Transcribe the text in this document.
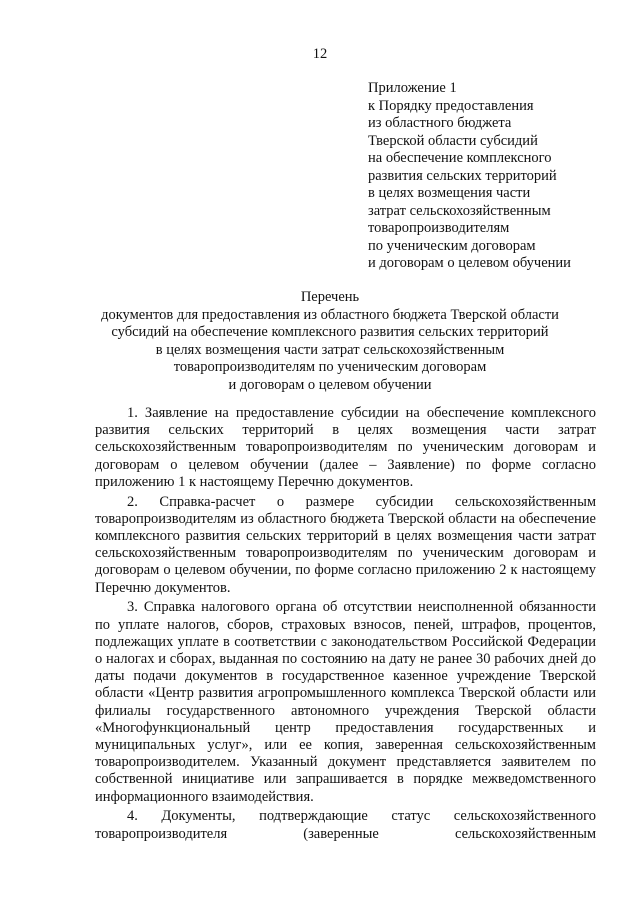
12
Приложение 1
к Порядку предоставления
из областного бюджета
Тверской области субсидий
на обеспечение комплексного
развития сельских территорий
в целях возмещения части
затрат сельскохозяйственным
товаропроизводителям
по ученическим договорам
и договорам о целевом обучении
Перечень
документов для предоставления из областного бюджета Тверской области
субсидий на обеспечение комплексного развития сельских территорий
в целях возмещения части затрат сельскохозяйственным
товаропроизводителям по ученическим договорам
и договорам о целевом обучении

1. Заявление на предоставление субсидии на обеспечение комплексного развития сельских территорий в целях возмещения части затрат сельскохозяйственным товаропроизводителям по ученическим договорам и договорам о целевом обучении (далее – Заявление) по форме согласно приложению 1 к настоящему Перечню документов.

2. Справка-расчет о размере субсидии сельскохозяйственным товаропроизводителям из областного бюджета Тверской области на обеспечение комплексного развития сельских территорий в целях возмещения части затрат сельскохозяйственным товаропроизводителям по ученическим договорам и договорам о целевом обучении, по форме согласно приложению 2 к настоящему Перечню документов.

3. Справка налогового органа об отсутствии неисполненной обязанности по уплате налогов, сборов, страховых взносов, пеней, штрафов, процентов, подлежащих уплате в соответствии с законодательством Российской Федерации о налогах и сборах, выданная по состоянию на дату не ранее 30 рабочих дней до даты подачи документов в государственное казенное учреждение Тверской области «Центр развития агропромышленного комплекса Тверской области или филиалы государственного автономного учреждения Тверской области «Многофункциональный центр предоставления государственных и муниципальных услуг», или ее копия, заверенная сельскохозяйственным товаропроизводителем. Указанный документ представляется заявителем по собственной инициативе или запрашивается в порядке межведомственного информационного взаимодействия.

4. Документы, подтверждающие статус сельскохозяйственного товаропроизводителя (заверенные сельскохозяйственным
